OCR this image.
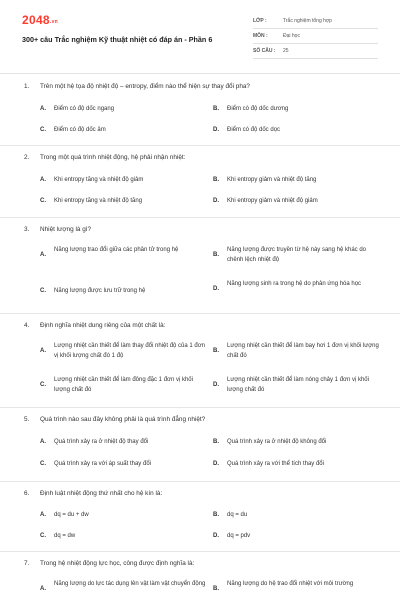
2048.vn
300+ câu Trắc nghiệm Kỹ thuật nhiệt có đáp án - Phần 6
LỚP :	Trắc nghiệm tổng hợp
MÔN :	Đại học
SỐ CÂU : 25
1. Trên một hệ tọa độ nhiệt độ – entropy, điểm nào thể hiện sự thay đổi pha?
A. Điểm có độ dốc ngang	B. Điểm có độ dốc dương
C. Điểm có độ dốc âm	D. Điểm có độ dốc dọc
2. Trong một quá trình nhiệt động, hệ phải nhận nhiệt:
A. Khi entropy tăng và nhiệt độ giảm	B. Khi entropy giảm và nhiệt độ tăng
C. Khi entropy tăng và nhiệt độ tăng	D. Khi entropy giảm và nhiệt độ giảm
3. Nhiệt lượng là gì?
A.
Năng lượng trao đổi giữa các phân tử trong hệ
B.
Năng lượng được truyền từ hệ này sang hệ khác do chênh lệch nhiệt độ
C. Năng lượng được lưu trữ trong hệ	D.
Năng lượng sinh ra trong hệ do phản ứng hóa học
4. Định nghĩa nhiệt dung riêng của một chất là:
A.
Lượng nhiệt cần thiết để làm thay đổi nhiệt độ của 1 đơn vị khối lượng chất đó 1 độ
B.
Lượng nhiệt cần thiết để làm bay hơi 1 đơn vị khối lượng chất đó
C.
Lượng nhiệt cần thiết để làm đông đặc 1 đơn vị khối lượng chất đó
D.
Lượng nhiệt cần thiết để làm nóng chảy 1 đơn vị khối lượng chất đó
5. Quá trình nào sau đây không phải là quá trình đẳng nhiệt?
A. Quá trình xảy ra ở nhiệt độ thay đổi	B. Quá trình xảy ra ở nhiệt độ không đổi
C. Quá trình xảy ra với áp suất thay đổi	D. Quá trình xảy ra với thể tích thay đổi
6. Định luật nhiệt động thứ nhất cho hệ kín là:
A. dq = du + dw	B. dq = du
C. dq = dw	D. dq = pdv
7. Trong hệ nhiệt động lực học, công được định nghĩa là:
A.
Năng lượng do lực tác dụng lên vật làm vật chuyển động
B.
Năng lượng do hệ trao đổi nhiệt với môi trường
